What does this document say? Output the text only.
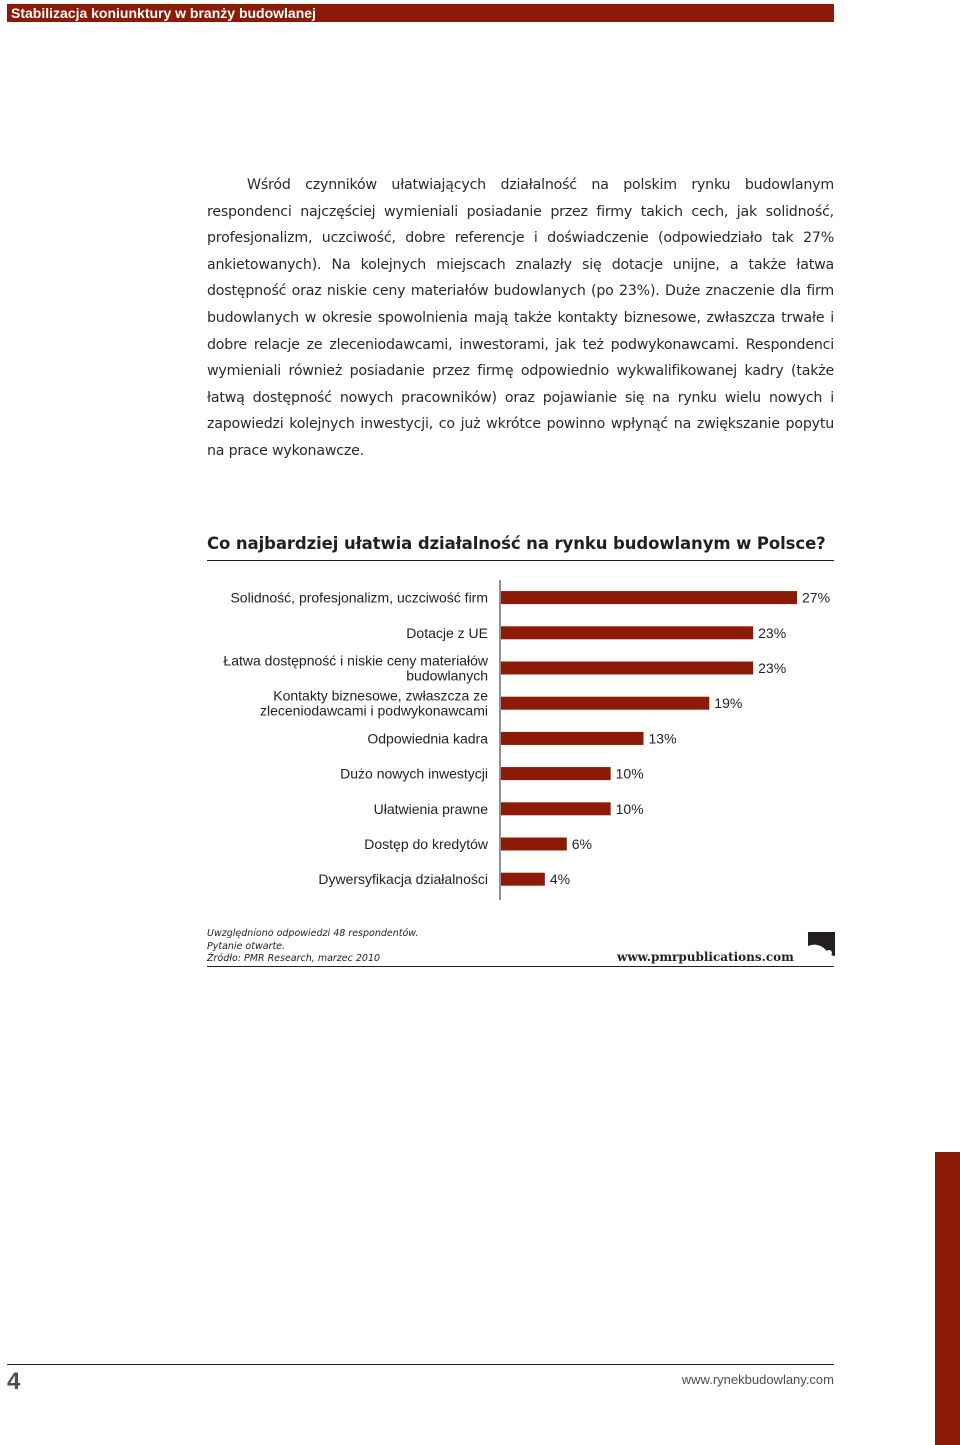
Stabilizacja koniunktury w branży budowlanej

Wśród czynników ułatwiających działalność na polskim rynku budowlanym respondenci najczęściej wymieniali posiadanie przez firmy takich cech, jak solidność, profesjonalizm, uczciwość, dobre referencje i doświadczenie (odpowiedziało tak 27% ankietowanych). Na kolejnych miejscach znalazły się dotacje unijne, a także łatwa dostępność oraz niskie ceny materiałów budowlanych (po 23%). Duże znaczenie dla firm budowlanych w okresie spowolnienia mają także kontakty biznesowe, zwłaszcza trwałe i dobre relacje ze zleceniodawcami, inwestorami, jak też podwykonawcami. Respondenci wymieniali również posiadanie przez firmę odpowiednio wykwalifikowanej kadry (także łatwą dostępność nowych pracowników) oraz pojawianie się na rynku wielu nowych i zapowiedzi kolejnych inwestycji, co już wkrótce powinno wpłynąć na zwiększanie popytu na prace wykonawcze.

Co najbardziej ułatwia działalność na rynku budowlanym w Polsce?
27%
Solidność, profesjonalizm, uczciwość firm
23%
Dotacje z UE
23%
Łatwa dostępność i niskie ceny materiałów budowlanych
19%
Kontakty biznesowe, zwłaszcza ze zleceniodawcami i podwykonawcami
13%
Odpowiednia kadra
10%
Dużo nowych inwestycji
10%
Ułatwienia prawne
6%
Dostęp do kredytów
4%
Dywersyfikacja działalności
Uwzględniono odpowiedzi 48 respondentów.
Pytanie otwarte.
Źródło: PMR Research, marzec 2010	www.pmrpublications.com
4	www.rynekbudowlany.com
